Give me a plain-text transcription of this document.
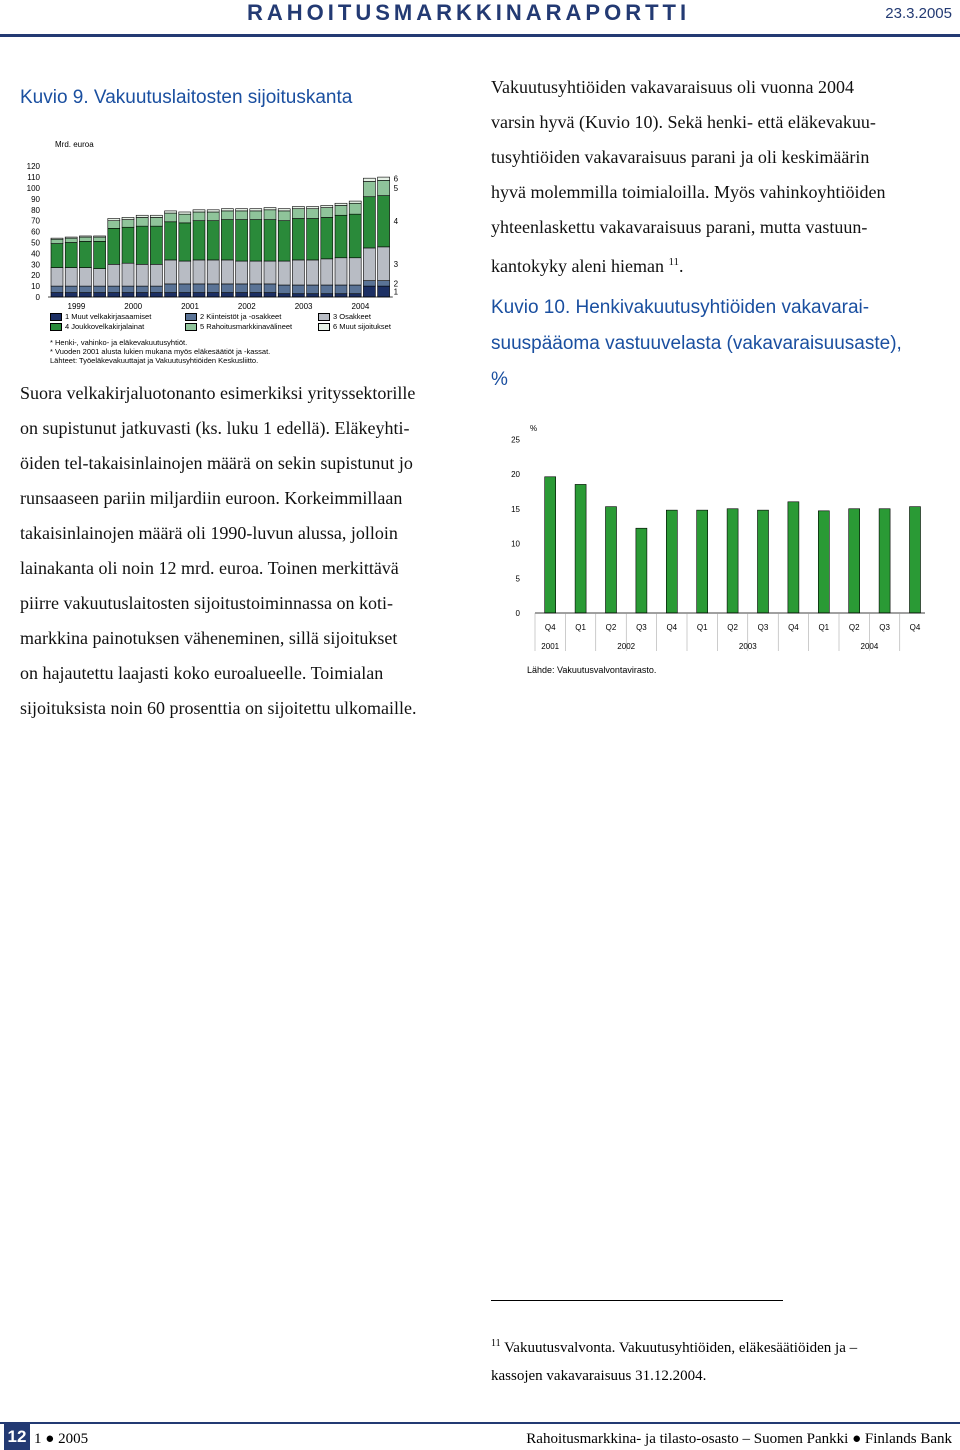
RAHOITUSMARKKINARAPORTTI	23.3.2005
Kuvio 9. Vakuutuslaitosten sijoituskanta
Mrd. euroa
0
10
20
30
40
50
60
70
80
90
100
110
120
1
2
3
4
5
6
1999	2000	2001	2002	2003	2004
1 Muut velkakirjasaamiset	2 Kiinteistöt ja -osakkeet	3 Osakkeet
4 Joukkovelkakirjalainat	5 Rahoitusmarkkinavälineet	6 Muut sijoitukset
* Henki-, vahinko- ja eläkevakuutusyhtiöt.
* Vuoden 2001 alusta lukien mukana myös eläkesäätiöt ja -kassat.
Lähteet: Työeläkevakuuttajat ja Vakuutusyhtiöiden Keskusliitto.
Suora velkakirjaluotonanto esimerkiksi yrityssektorille
on supistunut jatkuvasti (ks. luku 1 edellä). Eläkeyhti-
öiden tel-takaisinlainojen määrä on sekin supistunut jo
runsaaseen pariin miljardiin euroon. Korkeimmillaan
takaisinlainojen määrä oli 1990-luvun alussa, jolloin
lainakanta oli noin 12 mrd. euroa. Toinen merkittävä
piirre vakuutuslaitosten sijoitustoiminnassa on koti-
markkina painotuksen väheneminen, sillä sijoitukset
on hajautettu laajasti koko euroalueelle. Toimialan
sijoituksista noin 60 prosenttia on sijoitettu ulkomaille.
Vakuutusyhtiöiden vakavaraisuus oli vuonna 2004
varsin hyvä (Kuvio 10). Sekä henki- että eläkevakuu-
tusyhtiöiden vakavaraisuus parani ja oli keskimäärin
hyvä molemmilla toimialoilla. Myös vahinkoyhtiöiden
yhteenlaskettu vakavaraisuus parani, mutta vastuun-
kantokyky aleni hieman $^{11}$.
Kuvio 10. Henkivakuutusyhtiöiden vakavarai-
suuspääoma vastuuvelasta (vakavaraisuusaste),
%
%
0
5
10
15
20
25
Q4 Q1 Q2 Q3 Q4 Q1 Q2 Q3 Q4 Q1 Q2 Q3 Q4
2001	2002	2003	2004
Lähde: Vakuutusvalvontavirasto.
$^{11}$ Vakuutusvalvonta. Vakuutusyhtiöiden, eläkesäätiöiden ja –
kassojen vakavaraisuus 31.12.2004.
12 1 ● 2005	Rahoitusmarkkina- ja tilasto-osasto – Suomen Pankki ● Finlands Bank
